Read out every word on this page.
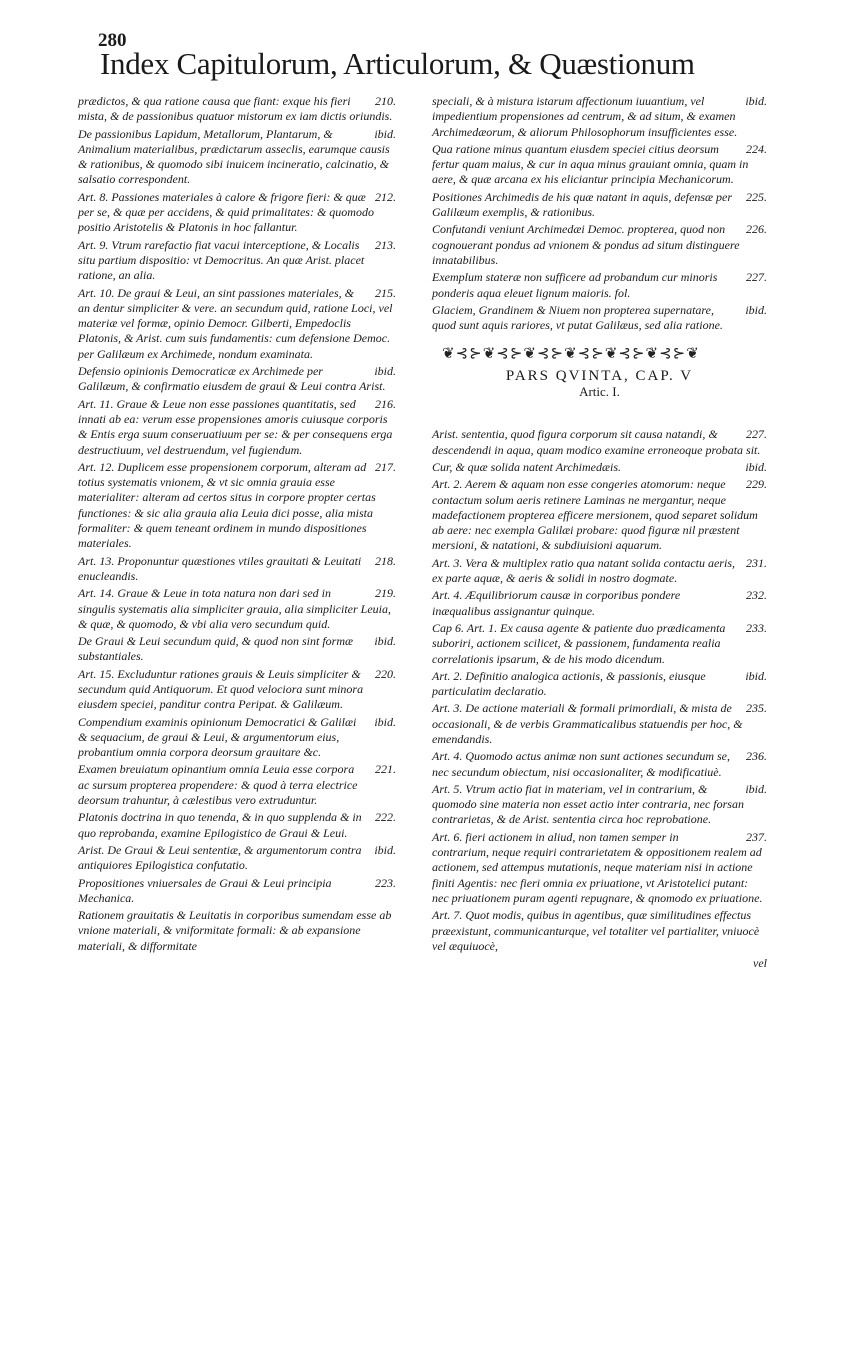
280
Index Capitulorum, Articulorum, & Quæstionum

210.
prædictos, & qua ratione causa que fiant: exque his fieri mista, & de passionibus quatuor mistorum ex iam dictis oriundis.

ibid.
De passionibus Lapidum, Metallorum, Plantarum, & Animalium materialibus, prædictarum asseclis, earumque causis & rationibus, & quomodo sibi inuicem incineratio, calcinatio, & salsatio correspondent.

212.
Art. 8. Passiones materiales à calore & frigore fieri: & quæ per se, & quæ per accidens, & quid primalitates: & quomodo positio Aristotelis & Platonis in hoc fallantur.

213.
Art. 9. Vtrum rarefactio fiat vacui interceptione, & Localis situ partium dispositio: vt Democritus. An quæ Arist. placet ratione, an alia.

215.
Art. 10. De graui & Leui, an sint passiones materiales, & an dentur simpliciter & vere. an secundum quid, ratione Loci, vel materiæ vel formæ, opinio Democr. Gilberti, Empedoclis Platonis, & Arist. cum suis fundamentis: cum defensione Democ. per Galilæum ex Archimede, nondum examinata.

ibid.
Defensio opinionis Democraticæ ex Archimede per Galilæum, & confirmatio eiusdem de graui & Leui contra Arist.

216.
Art. 11. Graue & Leue non esse passiones quantitatis, sed innati ab ea: verum esse propensiones amoris cuiusque corporis & Entis erga suum conseruatiuum per se: & per consequens erga destructiuum, vel destruendum, vel fugiendum.

217.
Art. 12. Duplicem esse propensionem corporum, alteram ad totius systematis vnionem, & vt sic omnia grauia esse materialiter: alteram ad certos situs in corpore propter certas functiones: & sic alia grauia alia Leuia dici posse, alia mista formaliter: & quem teneant ordinem in mundo dispositiones materiales.

218.
Art. 13. Proponuntur quæstiones vtiles grauitati & Leuitati enucleandis.

219.
Art. 14. Graue & Leue in tota natura non dari sed in singulis systematis alia simpliciter grauia, alia simpliciter Leuia, & quæ, & quomodo, & vbi alia vero secundum quid.

ibid.
De Graui & Leui secundum quid, & quod non sint formæ substantiales.

220.
Art. 15. Excluduntur rationes grauis & Leuis simpliciter & secundum quid Antiquorum. Et quod velociora sunt minora eiusdem speciei, panditur contra Peripat. & Galilæum.

ibid.
Compendium examinis opinionum Democratici & Galilæi & sequacium, de graui & Leui, & argumentorum eius, probantium omnia corpora deorsum grauitare &c.

221.
Examen breuiatum opinantium omnia Leuia esse corpora ac sursum propterea propendere: & quod à terra electrice deorsum trahuntur, à cælestibus vero extruduntur.

222.
Platonis doctrina in quo tenenda, & in quo supplenda & in quo reprobanda, examine Epilogistico de Graui & Leui.

ibid.
Arist. De Graui & Leui sententiæ, & argumentorum contra antiquiores Epilogistica confutatio.

223.
Propositiones vniuersales de Graui & Leui principia Mechanica.

Rationem grauitatis & Leuitatis in corporibus sumendam esse ab vnione materiali, & vniformitate formali: & ab expansione materiali, & difformitate

ibid.
speciali, & à mistura istarum affectionum iuuantium, vel impedientium propensiones ad centrum, & ad situm, & examen Archimedæorum, & aliorum Philosophorum insufficientes esse.

224.
Qua ratione minus quantum eiusdem speciei citius deorsum fertur quam maius, & cur in aqua minus grauiant omnia, quam in aere, & quæ arcana ex his eliciantur principia Mechanicorum.

225.
Positiones Archimedis de his quæ natant in aquis, defensæ per Galilæum exemplis, & rationibus.

226.
Confutandi veniunt Archimedæi Democ. propterea, quod non cognouerant pondus ad vnionem & pondus ad situm distinguere innatabilibus.

227.
Exemplum stateræ non sufficere ad probandum cur minoris ponderis aqua eleuet lignum maioris. fol.

ibid.
Glaciem, Grandinem & Niuem non propterea supernatare, quod sunt aquis rariores, vt putat Galilæus, sed alia ratione.

❦⊰⊱❦⊰⊱❦⊰⊱❦⊰⊱❦⊰⊱❦⊰⊱❦
PARS QVINTA, CAP. V
Artic. I.

227.
Arist. sententia, quod figura corporum sit causa natandi, & descendendi in aqua, quam modico examine erroneoque probata sit.

ibid.
Cur, & quæ solida natent Archimedæis.

229.
Art. 2. Aerem & aquam non esse congeries atomorum: neque contactum solum aeris retinere Laminas ne mergantur, neque madefactionem propterea efficere mersionem, quod separet solidum ab aere: nec exempla Galilæi probare: quod figuræ nil præstent mersioni, & natationi, & subdiuisioni aquarum.

231.
Art. 3. Vera & multiplex ratio qua natant solida contactu aeris, ex parte aquæ, & aeris & solidi in nostro dogmate.

232.
Art. 4. Æquilibriorum causæ in corporibus pondere inæqualibus assignantur quinque.

233.
Cap 6. Art. 1. Ex causa agente & patiente duo prædicamenta suboriri, actionem scilicet, & passionem, fundamenta realia correlationis ipsarum, & de his modo dicendum.

ibid.
Art. 2. Definitio analogica actionis, & passionis, eiusque particulatim declaratio.

235.
Art. 3. De actione materiali & formali primordiali, & mista de occasionali, & de verbis Grammaticalibus statuendis per hoc, & emendandis.

236.
Art. 4. Quomodo actus animæ non sunt actiones secundum se, nec secundum obiectum, nisi occasionaliter, & modificatiuè.

ibid.
Art. 5. Vtrum actio fiat in materiam, vel in contrarium, & quomodo sine materia non esset actio inter contraria, nec forsan contrarietas, & de Arist. sententia circa hoc reprobatione.

237.
Art. 6. fieri actionem in aliud, non tamen semper in contrarium, neque requiri contrarietatem & oppositionem realem ad actionem, sed attempus mutationis, neque materiam nisi in actione finiti Agentis: nec fieri omnia ex priuatione, vt Aristotelici putant: nec priuationem puram agenti repugnare, & qnomodo ex priuatione.

Art. 7. Quot modis, quibus in agentibus, quæ similitudines effectus præexistunt, communicanturque, vel totaliter vel partialiter, vniuocè vel æquiuocè,

vel
